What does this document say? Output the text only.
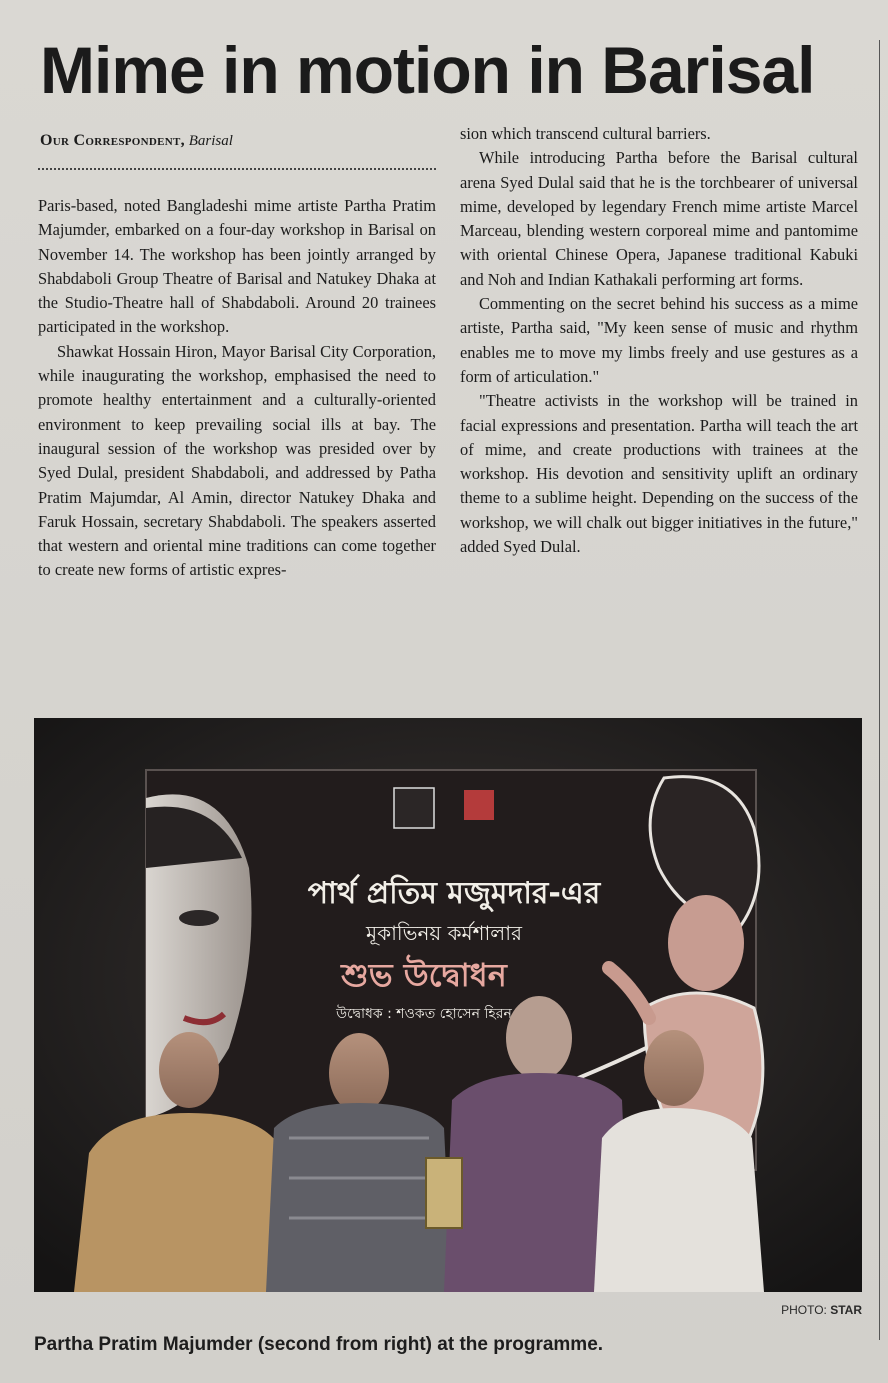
Mime in motion in Barisal
Our Correspondent, Barisal

Paris-based, noted Bangladeshi mime artiste Partha Pratim Majumder, embarked on a four-day workshop in Barisal on November 14. The workshop has been jointly arranged by Shabdaboli Group Theatre of Barisal and Natukey Dhaka at the Studio-Theatre hall of Shabdaboli. Around 20 trainees participated in the workshop.

Shawkat Hossain Hiron, Mayor Barisal City Corporation, while inaugurating the workshop, emphasised the need to promote healthy entertainment and a culturally-oriented environment to keep prevailing social ills at bay. The inaugural session of the workshop was presided over by Syed Dulal, president Shabdaboli, and addressed by Patha Pratim Majumdar, Al Amin, director Natukey Dhaka and Faruk Hossain, secretary Shabdaboli. The speakers asserted that western and oriental mine traditions can come together to create new forms of artistic expres-

sion which transcend cultural barriers.

While introducing Partha before the Barisal cultural arena Syed Dulal said that he is the torchbearer of universal mime, developed by legendary French mime artiste Marcel Marceau, blending western corporeal mime and pantomime with oriental Chinese Opera, Japanese traditional Kabuki and Noh and Indian Kathakali performing art forms.

Commenting on the secret behind his success as a mime artiste, Partha said, "My keen sense of music and rhythm enables me to move my limbs freely and use gestures as a form of articulation."

"Theatre activists in the workshop will be trained in facial expressions and presentation. Partha will teach the art of mime, and create productions with trainees at the workshop. His devotion and sensitivity uplift an ordinary theme to a sublime height. Depending on the success of the workshop, we will chalk out bigger initiatives in the future," added Syed Dulal.

পার্থ প্রতিম মজুমদার-এর
মূকাভিনয় কর্মশালার
শুভ উদ্বোধন
উদ্বোধক : শওকত হোসেন হিরন
PHOTO: STAR
Partha Pratim Majumder (second from right) at the programme.
